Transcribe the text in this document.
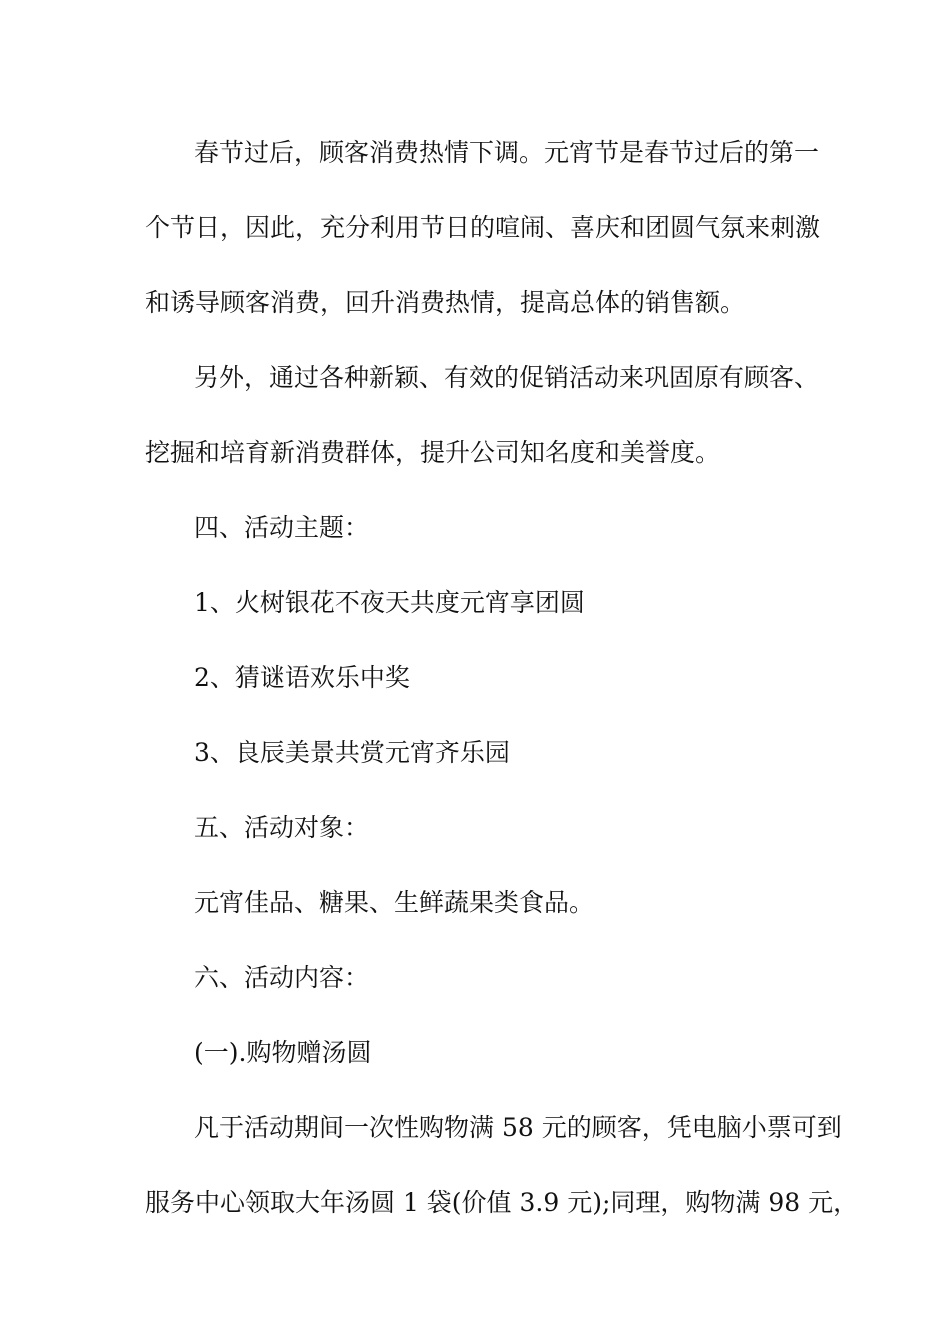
春节过后，顾客消费热情下调。元宵节是春节过后的第一
个节日，因此，充分利用节日的喧闹、喜庆和团圆气氛来刺激
和诱导顾客消费，回升消费热情，提高总体的销售额。
另外，通过各种新颖、有效的促销活动来巩固原有顾客、
挖掘和培育新消费群体，提升公司知名度和美誉度。
四、活动主题：
1、火树银花不夜天共度元宵享团圆
2、猜谜语欢乐中奖
3、良辰美景共赏元宵齐乐园
五、活动对象：
元宵佳品、糖果、生鲜蔬果类食品。
六、活动内容：
(一).购物赠汤圆
凡于活动期间一次性购物满 58 元的顾客，凭电脑小票可到
服务中心领取大年汤圆 1 袋(价值 3.9 元);同理，购物满 98 元，
